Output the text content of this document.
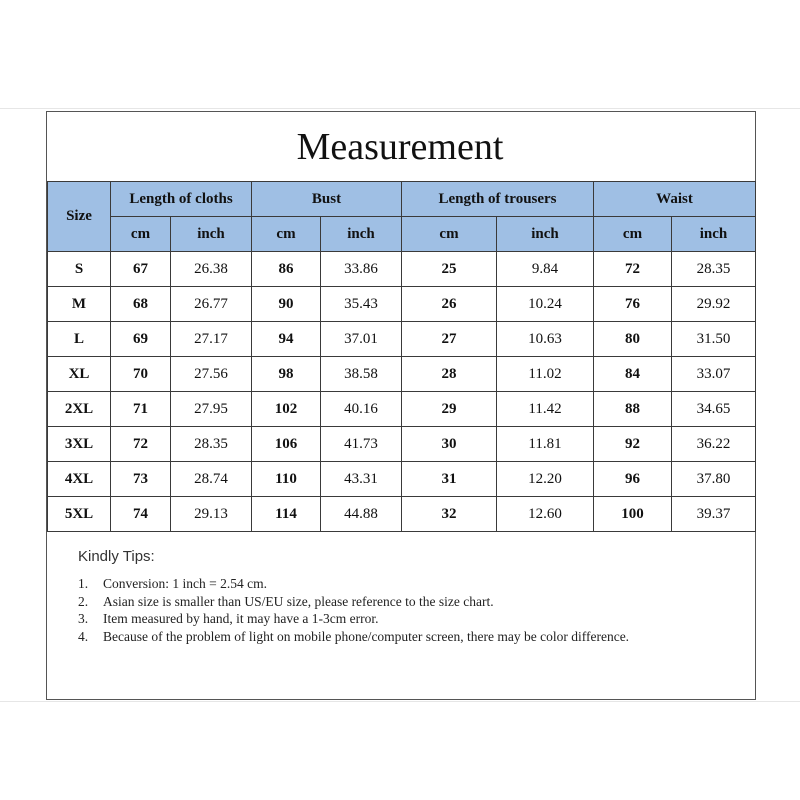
Measurement
Size	Length of cloths		Bust		Length of trousers		Waist	
	cm	inch	cm	inch	cm	inch	cm	inch
S	67	26.38	86	33.86	25	9.84	72	28.35
M	68	26.77	90	35.43	26	10.24	76	29.92
L	69	27.17	94	37.01	27	10.63	80	31.50
XL	70	27.56	98	38.58	28	11.02	84	33.07
2XL	71	27.95	102	40.16	29	11.42	88	34.65
3XL	72	28.35	106	41.73	30	11.81	92	36.22
4XL	73	28.74	110	43.31	31	12.20	96	37.80
5XL	74	29.13	114	44.88	32	12.60	100	39.37
Kindly Tips:
1.	Conversion: 1 inch = 2.54 cm.
2.	Asian size is smaller than US/EU size, please reference to the size chart.
3.	Item measured by hand, it may have a 1-3cm error.
4.	Because of the problem of light on mobile phone/computer screen, there may be color difference.
